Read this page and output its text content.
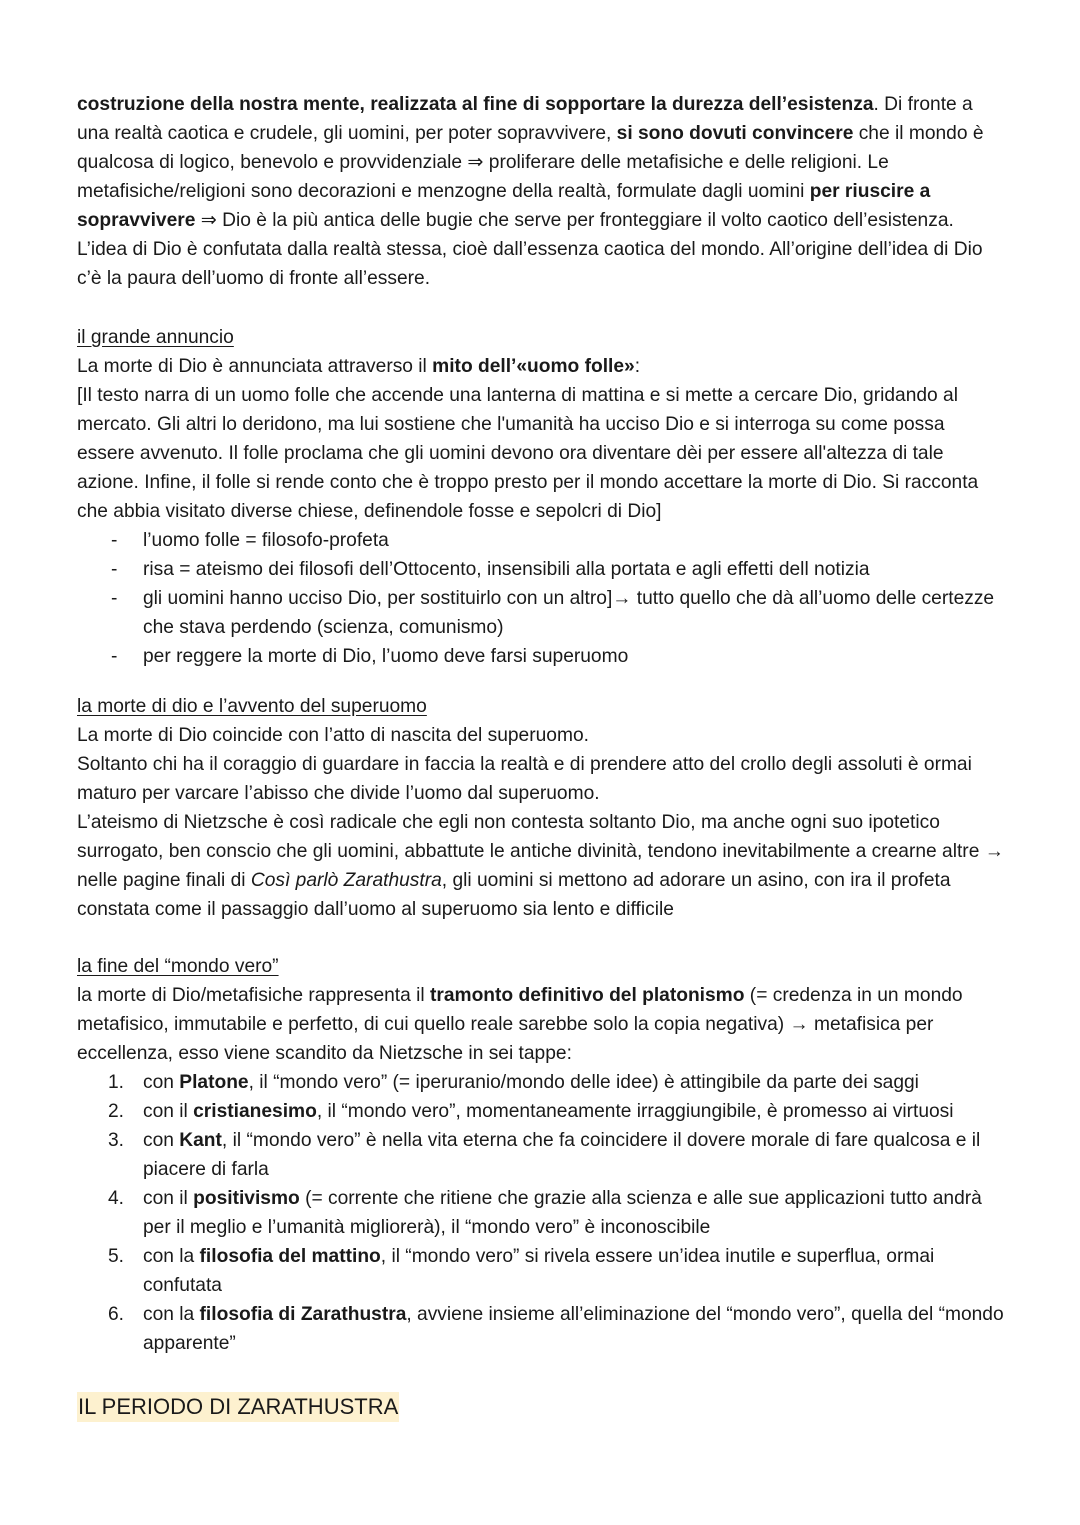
costruzione della nostra mente, realizzata al fine di sopportare la durezza dell’esistenza. Di fronte a una realtà caotica e crudele, gli uomini, per poter sopravvivere, si sono dovuti convincere che il mondo è qualcosa di logico, benevolo e provvidenziale ⇒ proliferare delle metafisiche e delle religioni. Le metafisiche/religioni sono decorazioni e menzogne della realtà, formulate dagli uomini per riuscire a sopravvivere ⇒ Dio è la più antica delle bugie che serve per fronteggiare il volto caotico dell’esistenza. L’idea di Dio è confutata dalla realtà stessa, cioè dall’essenza caotica del mondo. All’origine dell’idea di Dio c’è la paura dell’uomo di fronte all’essere.

il grande annuncio

La morte di Dio è annunciata attraverso il mito dell’«uomo folle»:

[Il testo narra di un uomo folle che accende una lanterna di mattina e si mette a cercare Dio, gridando al mercato. Gli altri lo deridono, ma lui sostiene che l'umanità ha ucciso Dio e si interroga su come possa essere avvenuto. Il folle proclama che gli uomini devono ora diventare dèi per essere all'altezza di tale azione. Infine, il folle si rende conto che è troppo presto per il mondo accettare la morte di Dio. Si racconta che abbia visitato diverse chiese, definendole fosse e sepolcri di Dio]

- l’uomo folle = filosofo-profeta
- risa = ateismo dei filosofi dell’Ottocento, insensibili alla portata e agli effetti dell notizia
- gli uomini hanno ucciso Dio, per sostituirlo con un altro]→ tutto quello che dà all’uomo delle certezze che stava perdendo (scienza, comunismo)
- per reggere la morte di Dio, l’uomo deve farsi superuomo

la morte di dio e l’avvento del superuomo

La morte di Dio coincide con l’atto di nascita del superuomo.

Soltanto chi ha il coraggio di guardare in faccia la realtà e di prendere atto del crollo degli assoluti è ormai maturo per varcare l’abisso che divide l’uomo dal superuomo.

L’ateismo di Nietzsche è così radicale che egli non contesta soltanto Dio, ma anche ogni suo ipotetico surrogato, ben conscio che gli uomini, abbattute le antiche divinità, tendono inevitabilmente a crearne altre → nelle pagine finali di Così parlò Zarathustra, gli uomini si mettono ad adorare un asino, con ira il profeta constata come il passaggio dall’uomo al superuomo sia lento e difficile

la fine del “mondo vero”

la morte di Dio/metafisiche rappresenta il tramonto definitivo del platonismo (= credenza in un mondo metafisico, immutabile e perfetto, di cui quello reale sarebbe solo la copia negativa) → metafisica per eccellenza, esso viene scandito da Nietzsche in sei tappe:

1. con Platone, il “mondo vero” (= iperuranio/mondo delle idee) è attingibile da parte dei saggi
2. con il cristianesimo, il “mondo vero”, momentaneamente irraggiungibile, è promesso ai virtuosi
3. con Kant, il “mondo vero” è nella vita eterna che fa coincidere il dovere morale di fare qualcosa e il piacere di farla
4. con il positivismo (= corrente che ritiene che grazie alla scienza e alle sue applicazioni tutto andrà per il meglio e l’umanità migliorerà), il “mondo vero” è inconoscibile
5. con la filosofia del mattino, il “mondo vero” si rivela essere un’idea inutile e superflua, ormai confutata
6. con la filosofia di Zarathustra, avviene insieme all’eliminazione del “mondo vero”, quella del “mondo apparente”
IL PERIODO DI ZARATHUSTRA
